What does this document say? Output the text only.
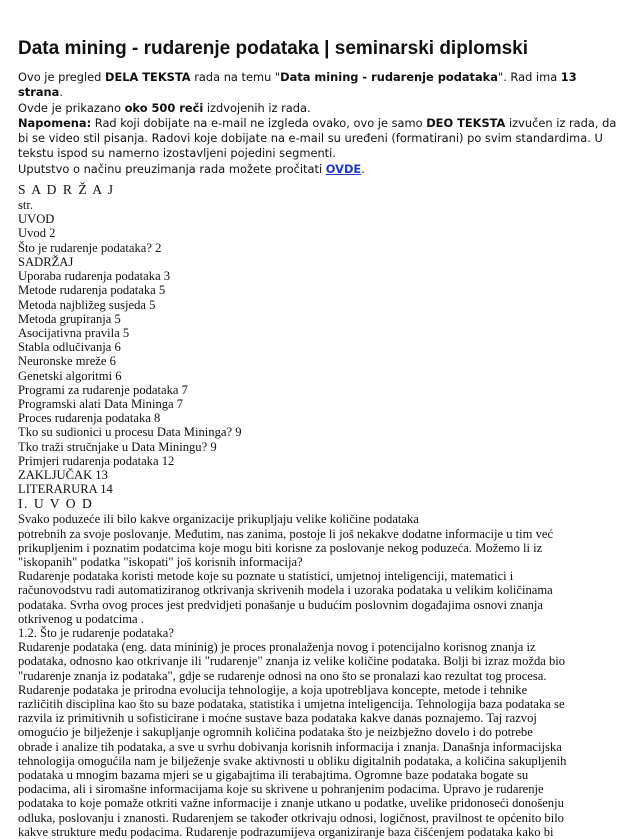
Data mining - rudarenje podataka | seminarski diplomski

Ovo je pregled DELA TEKSTA rada na temu "Data mining - rudarenje podataka". Rad ima 13 strana.

Ovde je prikazano oko 500 reči izdvojenih iz rada.

Napomena: Rad koji dobijate na e-mail ne izgleda ovako, ovo je samo DEO TEKSTA izvučen iz rada, da bi se video stil pisanja. Radovi koje dobijate na e-mail su uređeni (formatirani) po svim standardima. U tekstu ispod su namerno izostavljeni pojedini segmenti.

Uputstvo o načinu preuzimanja rada možete pročitati OVDE.

S A D R Ž A J
str.
UVOD
Uvod 2
Što je rudarenje podataka? 2
SADRŽAJ
Uporaba rudarenja podataka 3
Metode rudarenja podataka 5
Metoda najbližeg susjeda 5
Metoda grupiranja 5
Asocijativna pravila 5
Stabla odlučivanja 6
Neuronske mreže 6
Genetski algoritmi 6
Programi za rudarenje podataka 7
Programski alati Data Mininga 7
Proces rudarenja podataka 8
Tko su sudionici u procesu Data Mininga? 9
Tko traži stručnjake u Data Miningu? 9
Primjeri rudarenja podataka 12
ZAKLJUČAK 13
LITERARURA 14
I. U V O D
Svako poduzeće ili bilo kakve organizacije prikupljaju velike količine podataka
potrebnih za svoje poslovanje. Međutim, nas zanima, postoje li još nekakve dodatne informacije u tim već
prikupljenim i poznatim podatcima koje mogu biti korisne za poslovanje nekog poduzeća. Možemo li iz
"iskopanih" podatka "iskopati" još korisnih informacija?
Rudarenje podataka koristi metode koje su poznate u statistici, umjetnoj inteligenciji, matematici i
računovodstvu radi automatiziranog otkrivanja skrivenih modela i uzoraka podataka u velikim količinama
podataka. Svrha ovog proces jest predvidjeti ponašanje u budućim poslovnim događajima osnovi znanja
otkrivenog u podatcima .
1.2. Što je rudarenje podataka?
Rudarenje podataka (eng. data mininig) je proces pronalaženja novog i potencijalno korisnog znanja iz
podataka, odnosno kao otkrivanje ili "rudarenje" znanja iz velike količine podataka. Bolji bi izraz možda bio
"rudarenje znanja iz podataka", gdje se rudarenje odnosi na ono što se pronalazi kao rezultat tog procesa.
Rudarenje podataka je prirodna evolucija tehnologije, a koja upotrebljava koncepte, metode i tehnike
različitih disciplina kao što su baze podataka, statistika i umjetna inteligencija. Tehnologija baza podataka se
razvila iz primitivnih u sofisticirane i moćne sustave baza podataka kakve danas poznajemo. Taj razvoj
omogućio je bilježenje i sakupljanje ogromnih količina podataka što je neizbježno dovelo i do potrebe
obrade i analize tih podataka, a sve u svrhu dobivanja korisnih informacija i znanja. Današnja informacijska
tehnologija omogućila nam je bilježenje svake aktivnosti u obliku digitalnih podataka, a količina sakupljenih
podataka u mnogim bazama mjeri se u gigabajtima ili terabajtima. Ogromne baze podataka bogate su
podacima, ali i siromašne informacijama koje su skrivene u pohranjenim podacima. Upravo je rudarenje
podataka to koje pomaže otkriti važne informacije i znanje utkano u podatke, uvelike pridonoseći donošenju
odluka, poslovanju i znanosti. Rudarenjem se također otkrivaju odnosi, logičnost, pravilnost te općenito bilo
kakve strukture među podacima. Rudarenje podrazumijeva organiziranje baza čišćenjem podataka kako bi
